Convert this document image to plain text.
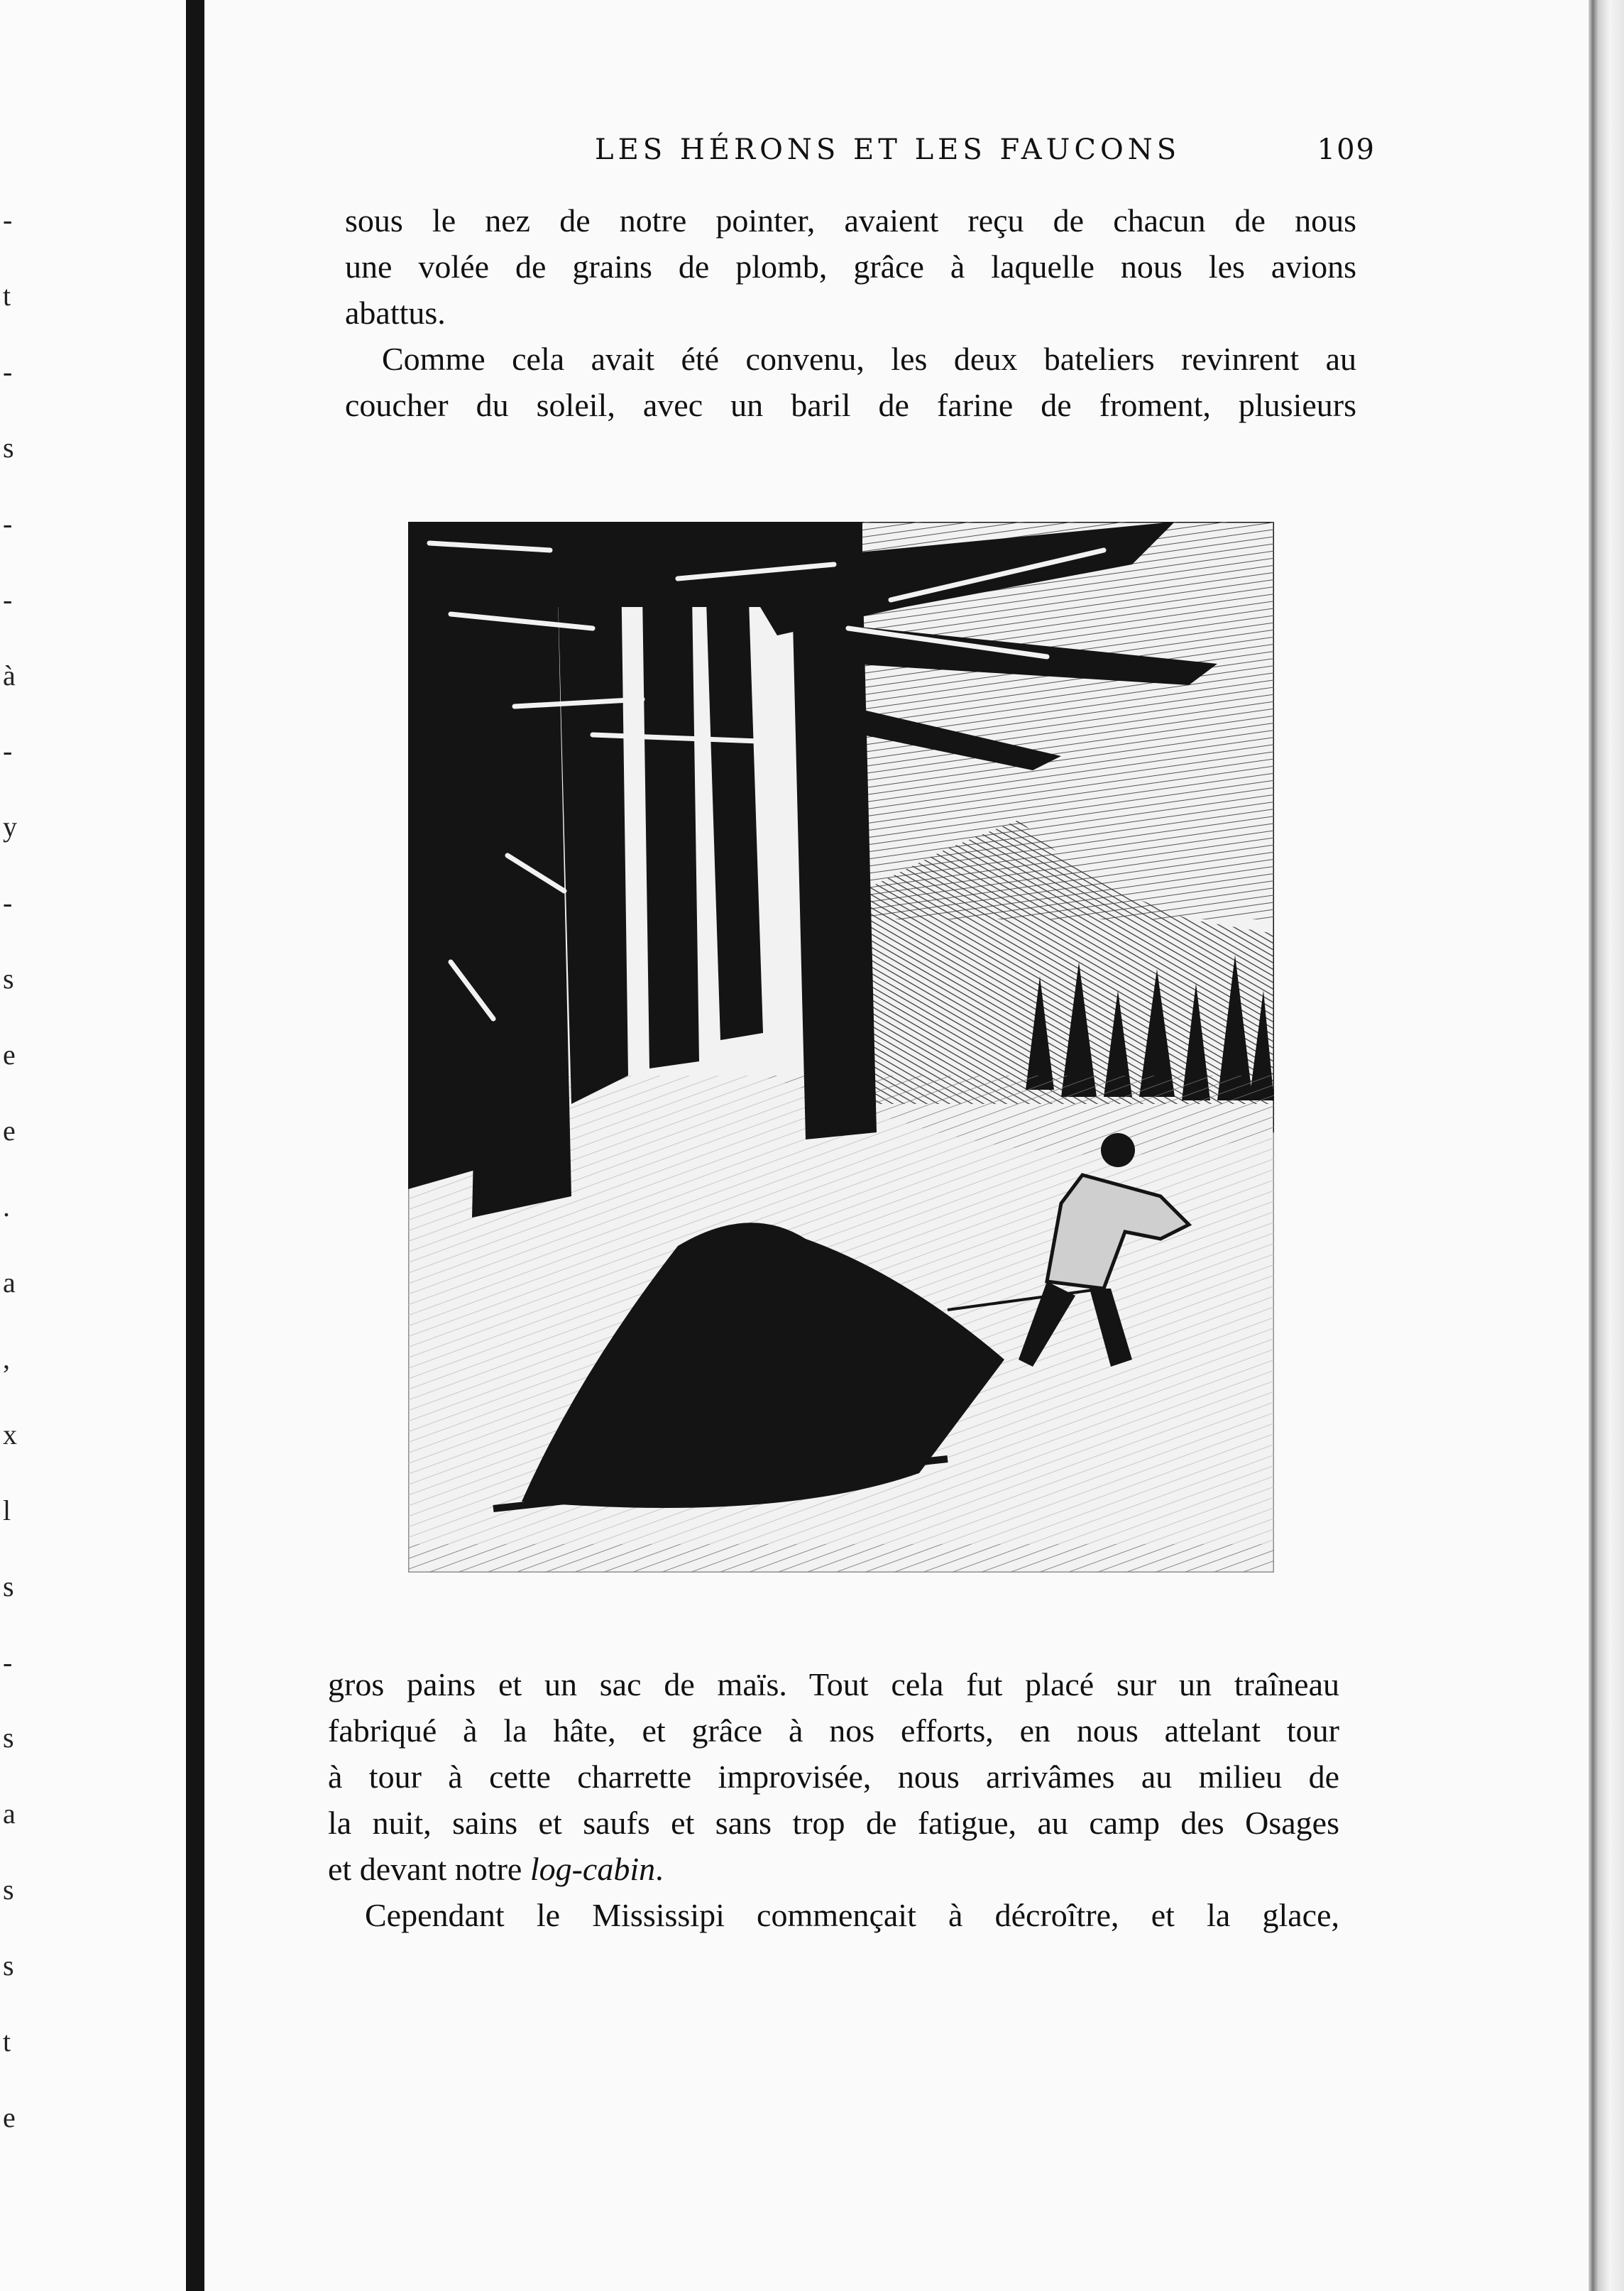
-
t
-
s
-
-
à
-
y
-
s
e
e
.
a
,
x
l
s
-
s
a
s
s
t
e
LES HÉRONS ET LES FAUCONS	109
sous le nez de notre pointer, avaient reçu de chacun de nous
une volée de grains de plomb, grâce à laquelle nous les avions
abattus.
Comme cela avait été convenu, les deux bateliers revinrent au
coucher du soleil, avec un baril de farine de froment, plusieurs
gros pains et un sac de maïs. Tout cela fut placé sur un traîneau
fabriqué à la hâte, et grâce à nos efforts, en nous attelant tour
à tour à cette charrette improvisée, nous arrivâmes au milieu de
la nuit, sains et saufs et sans trop de fatigue, au camp des Osages
et devant notre log-cabin.
Cependant le Mississipi commençait à décroître, et la glace,
